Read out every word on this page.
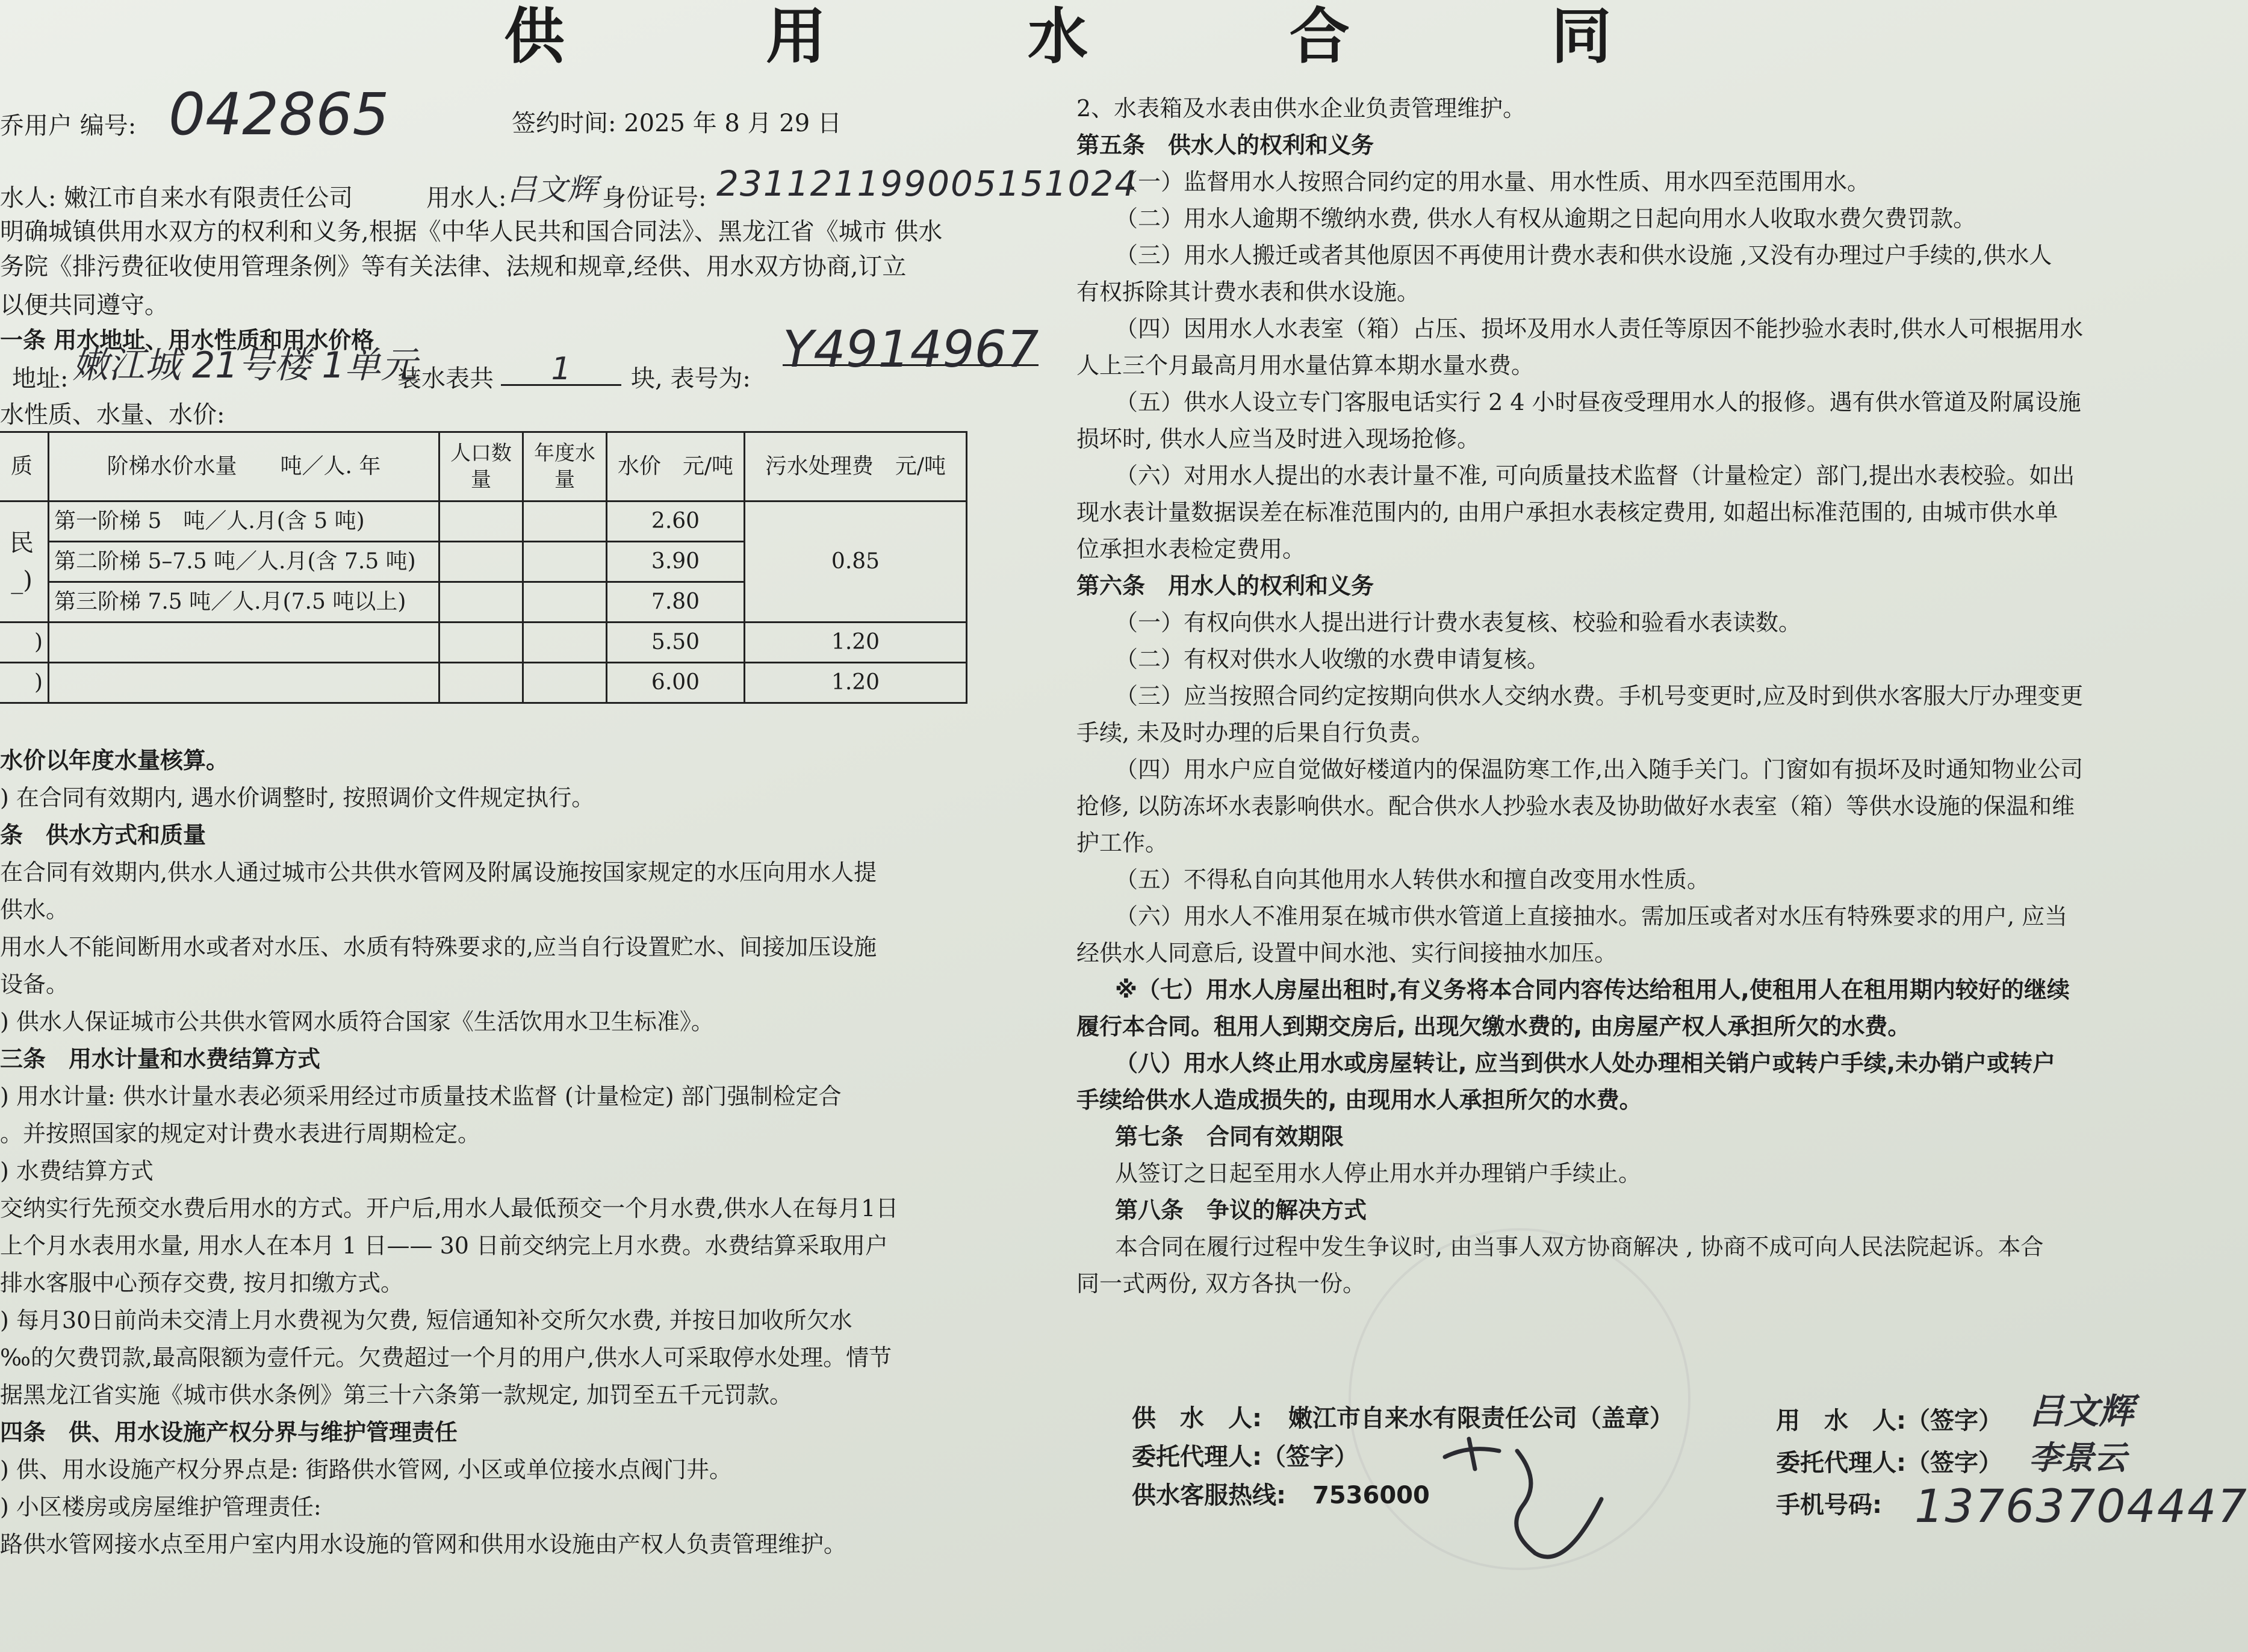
供 用 水 合 同
乔用户 编号: 042865	签约时间: 2025 年 8 月 29 日
水人: 嫩江市自来水有限责任公司	用水人: 吕文辉 身份证号: 231121199005151024
明确城镇供用水双方的权利和义务,根据《中华人民共和国合同法》、黑龙江省《城市 供水
务院《排污费征收使用管理条例》等有关法律、法规和规章,经供、用水双方协商,订立
以便共同遵守。
一条 用水地址、用水性质和用水价格
地址: 嫩江城 21号楼 1单元
装水表共	1	块, 表号为: Y4914967
水性质、水量、水价:
质	阶梯水价水量　　吨／人. 年	人口数量	年度水量	水价　元/吨	污水处理费　元/吨
民
_)	第一阶梯 5　吨／人.月(含 5 吨)			2.60	0.85
	第二阶梯 5–7.5 吨／人.月(含 7.5 吨)			3.90	
	第三阶梯 7.5 吨／人.月(7.5 吨以上)			7.80	
)				5.50	1.20
)				6.00	1.20
水价以年度水量核算。
) 在合同有效期内, 遇水价调整时, 按照调价文件规定执行。
条　供水方式和质量
在合同有效期内,供水人通过城市公共供水管网及附属设施按国家规定的水压向用水人提
供水。
用水人不能间断用水或者对水压、水质有特殊要求的,应当自行设置贮水、间接加压设施
设备。
) 供水人保证城市公共供水管网水质符合国家《生活饮用水卫生标准》。
三条　用水计量和水费结算方式
) 用水计量: 供水计量水表必须采用经过市质量技术监督 (计量检定) 部门强制检定合
。并按照国家的规定对计费水表进行周期检定。
) 水费结算方式
交纳实行先预交水费后用水的方式。开户后,用水人最低预交一个月水费,供水人在每月1日
上个月水表用水量, 用水人在本月 1 日—— 30 日前交纳完上月水费。水费结算采取用户
排水客服中心预存交费, 按月扣缴方式。
) 每月30日前尚未交清上月水费视为欠费, 短信通知补交所欠水费, 并按日加收所欠水
‰的欠费罚款,最高限额为壹仟元。欠费超过一个月的用户,供水人可采取停水处理。情节
据黑龙江省实施《城市供水条例》第三十六条第一款规定, 加罚至五千元罚款。
四条　供、用水设施产权分界与维护管理责任
) 供、用水设施产权分界点是: 街路供水管网, 小区或单位接水点阀门井。
) 小区楼房或房屋维护管理责任:
路供水管网接水点至用户室内用水设施的管网和供用水设施由产权人负责管理维护。
2、水表箱及水表由供水企业负责管理维护。
第五条　供水人的权利和义务
（一）监督用水人按照合同约定的用水量、用水性质、用水四至范围用水。
（二）用水人逾期不缴纳水费, 供水人有权从逾期之日起向用水人收取水费欠费罚款。
（三）用水人搬迁或者其他原因不再使用计费水表和供水设施 ,又没有办理过户手续的,供水人
有权拆除其计费水表和供水设施。
（四）因用水人水表室（箱）占压、损坏及用水人责任等原因不能抄验水表时,供水人可根据用水
人上三个月最高月用水量估算本期水量水费。
（五）供水人设立专门客服电话实行 2 4 小时昼夜受理用水人的报修。遇有供水管道及附属设施
损坏时, 供水人应当及时进入现场抢修。
（六）对用水人提出的水表计量不准, 可向质量技术监督（计量检定）部门,提出水表校验。如出
现水表计量数据误差在标准范围内的, 由用户承担水表核定费用, 如超出标准范围的, 由城市供水单
位承担水表检定费用。
第六条　用水人的权利和义务
（一）有权向供水人提出进行计费水表复核、校验和验看水表读数。
（二）有权对供水人收缴的水费申请复核。
（三）应当按照合同约定按期向供水人交纳水费。手机号变更时,应及时到供水客服大厅办理变更
手续, 未及时办理的后果自行负责。
（四）用水户应自觉做好楼道内的保温防寒工作,出入随手关门。门窗如有损坏及时通知物业公司
抢修, 以防冻坏水表影响供水。配合供水人抄验水表及协助做好水表室（箱）等供水设施的保温和维
护工作。
（五）不得私自向其他用水人转供水和擅自改变用水性质。
（六）用水人不准用泵在城市供水管道上直接抽水。需加压或者对水压有特殊要求的用户, 应当
经供水人同意后, 设置中间水池、实行间接抽水加压。
※（七）用水人房屋出租时,有义务将本合同内容传达给租用人,使租用人在租用期内较好的继续
履行本合同。租用人到期交房后, 出现欠缴水费的, 由房屋产权人承担所欠的水费。
（八）用水人终止用水或房屋转让, 应当到供水人处办理相关销户或转户手续,未办销户或转户
手续给供水人造成损失的, 由现用水人承担所欠的水费。
第七条　合同有效期限
从签订之日起至用水人停止用水并办理销户手续止。
第八条　争议的解决方式
本合同在履行过程中发生争议时, 由当事人双方协商解决 , 协商不成可向人民法院起诉。本合
同一式两份, 双方各执一份。
供　水　人: 嫩江市自来水有限责任公司（盖章）
委托代理人:（签字）
供水客服热线: 7536000
用　水　人:（签字） 吕文辉
委托代理人:（签字） 李景云
手机号码: 13763704447
